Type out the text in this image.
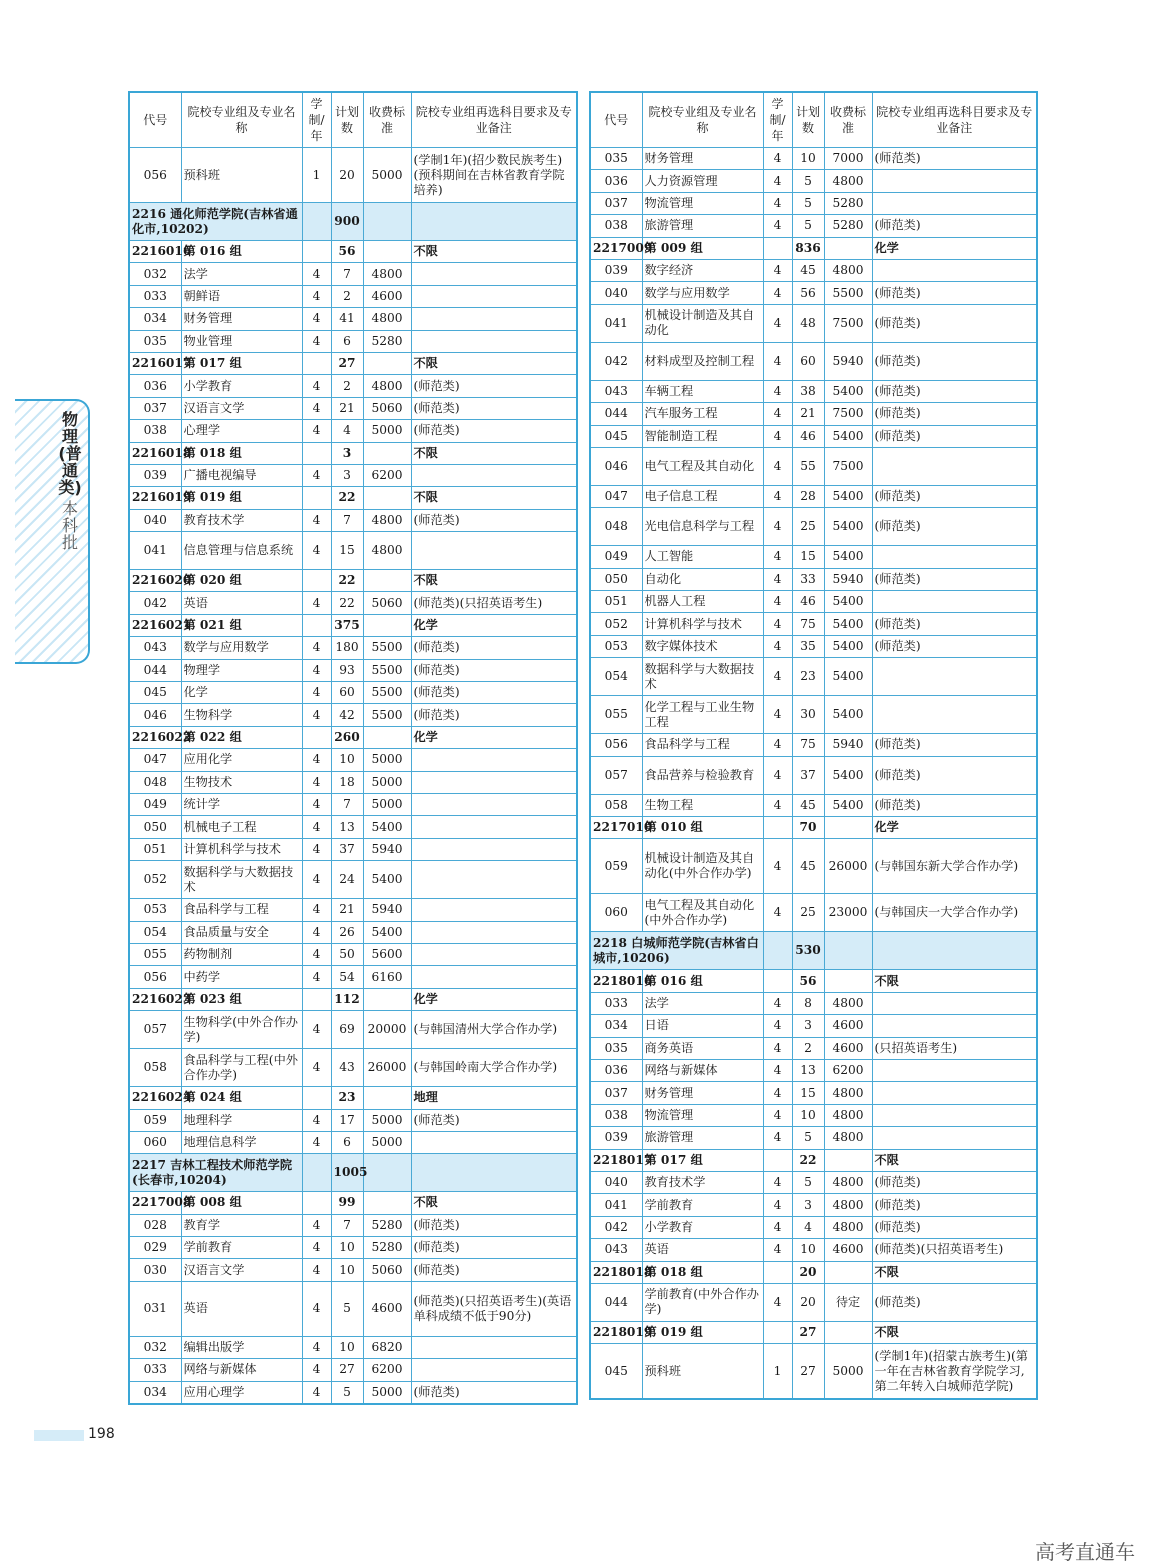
代号	院校专业组及专业名称	学制/年	计划数	收费标准	院校专业组再选科目要求及专业备注
056	预科班	1	20	5000	(学制1年)(招少数民族考生)(预科期间在吉林省教育学院培养)
2216 通化师范学院(吉林省通化市,10202)			900		
2216016	第 016 组		56		不限
032	法学	4	7	4800	
033	朝鲜语	4	2	4600	
034	财务管理	4	41	4800	
035	物业管理	4	6	5280	
2216017	第 017 组		27		不限
036	小学教育	4	2	4800	(师范类)
037	汉语言文学	4	21	5060	(师范类)
038	心理学	4	4	5000	(师范类)
2216018	第 018 组		3		不限
039	广播电视编导	4	3	6200	
2216019	第 019 组		22		不限
040	教育技术学	4	7	4800	(师范类)
041	信息管理与信息系统	4	15	4800	
2216020	第 020 组		22		不限
042	英语	4	22	5060	(师范类)(只招英语考生)
2216021	第 021 组		375		化学
043	数学与应用数学	4	180	5500	(师范类)
044	物理学	4	93	5500	(师范类)
045	化学	4	60	5500	(师范类)
046	生物科学	4	42	5500	(师范类)
2216022	第 022 组		260		化学
047	应用化学	4	10	5000	
048	生物技术	4	18	5000	
049	统计学	4	7	5000	
050	机械电子工程	4	13	5400	
051	计算机科学与技术	4	37	5940	
052	数据科学与大数据技术	4	24	5400	
053	食品科学与工程	4	21	5940	
054	食品质量与安全	4	26	5400	
055	药物制剂	4	50	5600	
056	中药学	4	54	6160	
2216023	第 023 组		112		化学
057	生物科学(中外合作办学)	4	69	20000	(与韩国清州大学合作办学)
058	食品科学与工程(中外合作办学)	4	43	26000	(与韩国岭南大学合作办学)
2216024	第 024 组		23		地理
059	地理科学	4	17	5000	(师范类)
060	地理信息科学	4	6	5000	
2217 吉林工程技术师范学院(长春市,10204)			1005		
2217008	第 008 组		99		不限
028	教育学	4	7	5280	(师范类)
029	学前教育	4	10	5280	(师范类)
030	汉语言文学	4	10	5060	(师范类)
031	英语	4	5	4600	(师范类)(只招英语考生)(英语单科成绩不低于90分)
032	编辑出版学	4	10	6820	
033	网络与新媒体	4	27	6200	
034	应用心理学	4	5	5000	(师范类)
代号	院校专业组及专业名称	学制/年	计划数	收费标准	院校专业组再选科目要求及专业备注
035	财务管理	4	10	7000	(师范类)
036	人力资源管理	4	5	4800	
037	物流管理	4	5	5280	
038	旅游管理	4	5	5280	(师范类)
2217009	第 009 组		836		化学
039	数字经济	4	45	4800	
040	数学与应用数学	4	56	5500	(师范类)
041	机械设计制造及其自动化	4	48	7500	(师范类)
042	材料成型及控制工程	4	60	5940	(师范类)
043	车辆工程	4	38	5400	(师范类)
044	汽车服务工程	4	21	7500	(师范类)
045	智能制造工程	4	46	5400	(师范类)
046	电气工程及其自动化	4	55	7500	
047	电子信息工程	4	28	5400	(师范类)
048	光电信息科学与工程	4	25	5400	(师范类)
049	人工智能	4	15	5400	
050	自动化	4	33	5940	(师范类)
051	机器人工程	4	46	5400	
052	计算机科学与技术	4	75	5400	(师范类)
053	数字媒体技术	4	35	5400	(师范类)
054	数据科学与大数据技术	4	23	5400	
055	化学工程与工业生物工程	4	30	5400	
056	食品科学与工程	4	75	5940	(师范类)
057	食品营养与检验教育	4	37	5400	(师范类)
058	生物工程	4	45	5400	(师范类)
2217010	第 010 组		70		化学
059	机械设计制造及其自动化(中外合作办学)	4	45	26000	(与韩国东新大学合作办学)
060	电气工程及其自动化(中外合作办学)	4	25	23000	(与韩国庆一大学合作办学)
2218 白城师范学院(吉林省白城市,10206)			530		
2218016	第 016 组		56		不限
033	法学	4	8	4800	
034	日语	4	3	4600	
035	商务英语	4	2	4600	(只招英语考生)
036	网络与新媒体	4	13	6200	
037	财务管理	4	15	4800	
038	物流管理	4	10	4800	
039	旅游管理	4	5	4800	
2218017	第 017 组		22		不限
040	教育技术学	4	5	4800	(师范类)
041	学前教育	4	3	4800	(师范类)
042	小学教育	4	4	4800	(师范类)
043	英语	4	10	4600	(师范类)(只招英语考生)
2218018	第 018 组		20		不限
044	学前教育(中外合作办学)	4	20	待定	(师范类)
2218019	第 019 组		27		不限
045	预科班	1	27	5000	(学制1年)(招蒙古族考生)(第一年在吉林省教育学院学习,第二年转入白城师范学院)
物理(普通类)
本科批
198
高考直通车
